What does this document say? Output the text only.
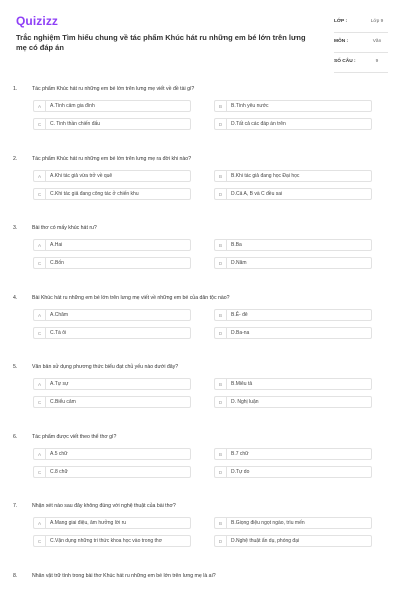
Quizizz
Trắc nghiệm Tìm hiểu chung về tác phẩm Khúc hát ru những em bé lớn trên lưng mẹ có đáp án
LỚP :	Lớp 9
MÔN :	Văn
SỐ CÂU :	9
1.	Tác phẩm Khúc hát ru những em bé lớn trên lưng mẹ viết về đề tài gì?
A	A.Tình cảm gia đình	B	B.Tình yêu nước
C	C. Tinh thần chiến đấu	D	D.Tất cả các đáp án trên
2.	Tác phẩm Khúc hát ru những em bé lớn trên lưng mẹ ra đời khi nào?
A	A.Khi tác giả vừa trở về quê	B	B.Khi tác giả đang học Đại học
C	C.Khi tác giả đang công tác ở chiến khu	D	D.Cả A, B và C đều sai
3.	Bài thơ có mấy khúc hát ru?
A	A.Hai	B	B.Ba
C	C.Bốn	D	D.Năm
4.	Bài Khúc hát ru những em bé lớn trên lưng mẹ viết về những em bé của dân tộc nào?
A	A.Chăm	B	B.Ê- đê
C	C.Tà ôi	D	D.Ba-na
5.	Văn bản sử dụng phương thức biểu đạt chủ yếu nào dưới đây?
A	A.Tự sự	B	B.Miêu tả
C	C.Biểu cảm	D	D. Nghị luận
6.	Tác phẩm được viết theo thể thơ gì?
A	A.5 chữ	B	B.7 chữ
C	C.8 chữ	D	D.Tự do
7.	Nhận xét nào sau đây không đúng với nghệ thuật của bài thơ?
A	A.Mang giai điệu, âm hưởng lời ru	B	B.Giọng điệu ngọt ngào, trìu mến
C	C.Vận dụng những tri thức khoa học vào trong thơ	D	D.Nghệ thuật ẩn dụ, phóng đại
8.	Nhân vật trữ tình trong bài thơ Khúc hát ru những em bé lớn trên lưng mẹ là ai?
